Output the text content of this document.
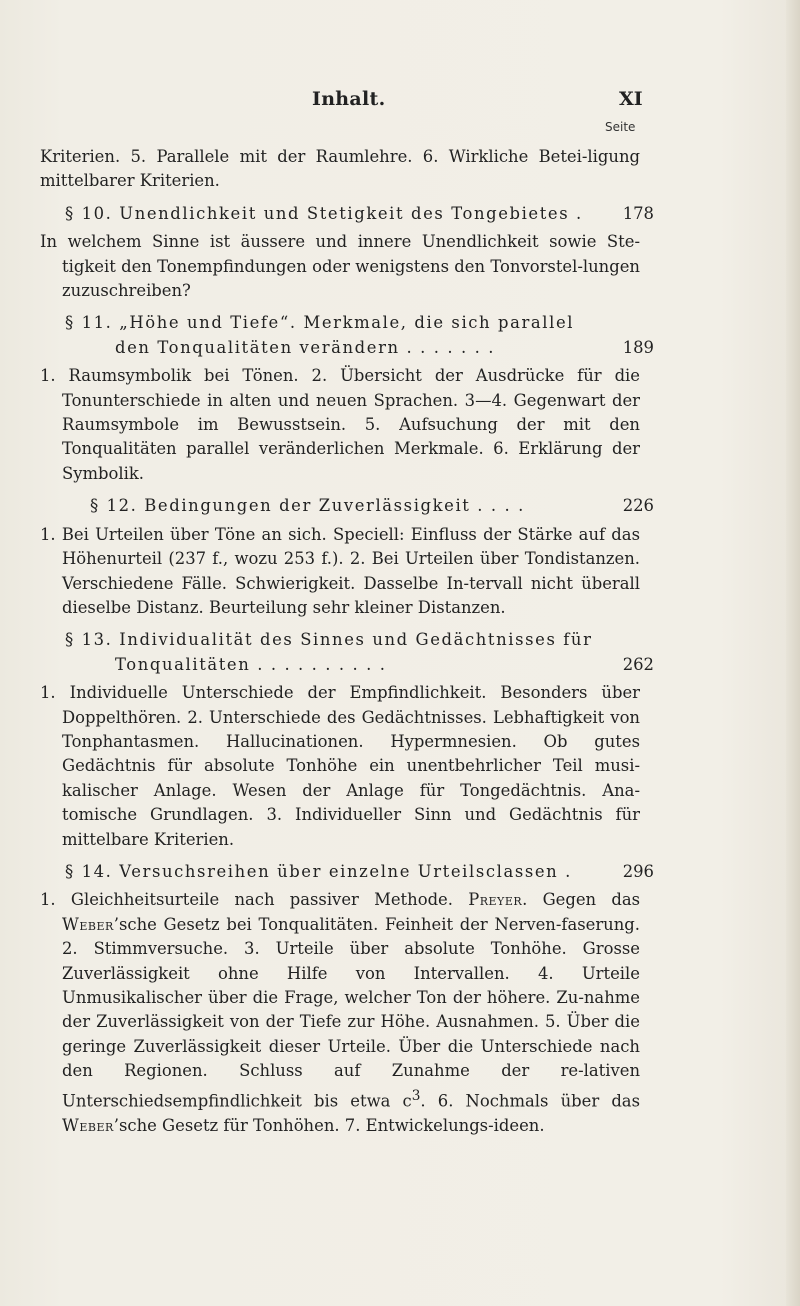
Inhalt.	XI
Seite

Kriterien. 5. Parallele mit der Raumlehre. 6. Wirkliche Betei-ligung mittelbarer Kriterien.

§ 10. Unendlichkeit und Stetigkeit des Tongebietes . 178

In welchem Sinne ist äussere und innere Unendlichkeit sowie Ste-tigkeit den Tonempfindungen oder wenigstens den Tonvorstel-lungen zuzuschreiben?

§ 11. „Höhe und Tiefe“. Merkmale, die sich parallel
den Tonqualitäten verändern . . . . . . .	189

1. Raumsymbolik bei Tönen. 2. Übersicht der Ausdrücke für die Tonunterschiede in alten und neuen Sprachen. 3—4. Gegenwart der Raumsymbole im Bewusstsein. 5. Aufsuchung der mit den Tonqualitäten parallel veränderlichen Merkmale. 6. Erklärung der Symbolik.

§ 12. Bedingungen der Zuverlässigkeit . . . .	226

1. Bei Urteilen über Töne an sich. Speciell: Einfluss der Stärke auf das Höhenurteil (237 f., wozu 253 f.). 2. Bei Urteilen über Tondistanzen. Verschiedene Fälle. Schwierigkeit. Dasselbe In-tervall nicht überall dieselbe Distanz. Beurteilung sehr kleiner Distanzen.

§ 13. Individualität des Sinnes und Gedächtnisses für
Tonqualitäten . . . . . . . . . .	262

1. Individuelle Unterschiede der Empfindlichkeit. Besonders über Doppelthören. 2. Unterschiede des Gedächtnisses. Lebhaftigkeit von Tonphantasmen. Hallucinationen. Hypermnesien. Ob gutes Gedächtnis für absolute Tonhöhe ein unentbehrlicher Teil musi-kalischer Anlage. Wesen der Anlage für Tongedächtnis. Ana-tomische Grundlagen. 3. Individueller Sinn und Gedächtnis für mittelbare Kriterien.

§ 14. Versuchsreihen über einzelne Urteilsclassen .	296

1. Gleichheitsurteile nach passiver Methode. Preyer. Gegen das Weber’sche Gesetz bei Tonqualitäten. Feinheit der Nerven-faserung. 2. Stimmversuche. 3. Urteile über absolute Tonhöhe. Grosse Zuverlässigkeit ohne Hilfe von Intervallen. 4. Urteile Unmusikalischer über die Frage, welcher Ton der höhere. Zu-nahme der Zuverlässigkeit von der Tiefe zur Höhe. Ausnahmen. 5. Über die geringe Zuverlässigkeit dieser Urteile. Über die Unterschiede nach den Regionen. Schluss auf Zunahme der re-lativen Unterschiedsempfindlichkeit bis etwa $c^3$. 6. Nochmals über das Weber’sche Gesetz für Tonhöhen. 7. Entwickelungs-ideen.
